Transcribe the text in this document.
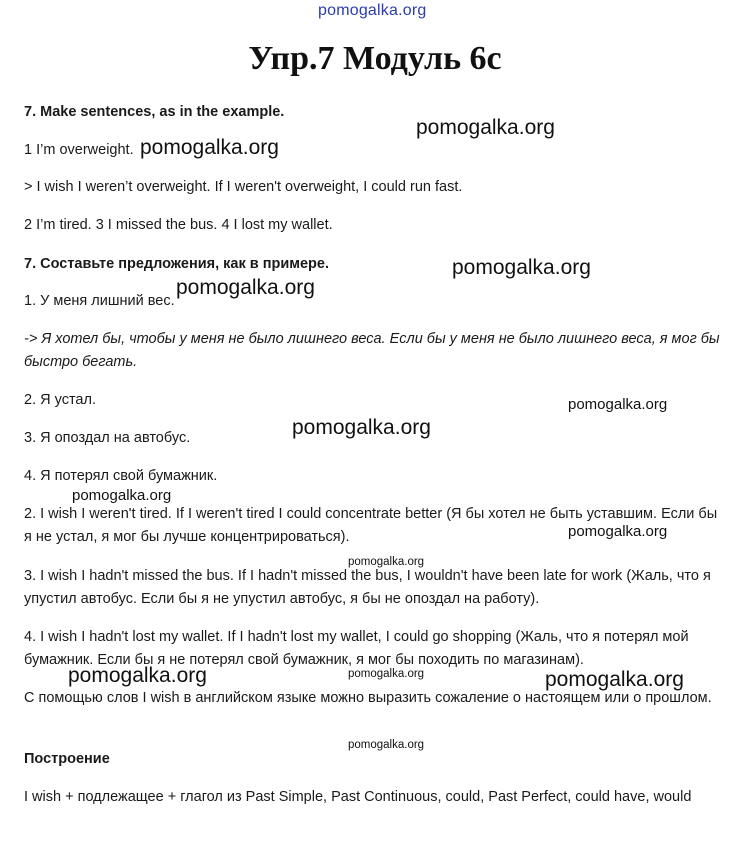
pomogalka.org
Упр.7 Модуль 6с
7. Make sentences, as in the example.
1 I’m overweight.
> I wish I weren’t overweight. If I weren't overweight, I could run fast.
2 I’m tired. 3 I missed the bus. 4 I lost my wallet.
7. Составьте предложения, как в примере.
1. У меня лишний вес.
-> Я хотел бы, чтобы у меня не было лишнего веса. Если бы у меня не было лишнего веса, я мог бы быстро бегать.
2. Я устал.
3. Я опоздал на автобус.
4. Я потерял свой бумажник.
2. I wish I weren't tired. If I weren't tired I could concentrate better (Я бы хотел не быть уставшим. Если бы я не устал, я мог бы лучше концентрироваться).
3. I wish I hadn't missed the bus. If I hadn't missed the bus, I wouldn't have been late for work (Жаль, что я упустил автобус. Если бы я не упустил автобус, я бы не опоздал на работу).
4. I wish I hadn't lost my wallet. If I hadn't lost my wallet, I could go shopping (Жаль, что я потерял мой бумажник. Если бы я не потерял свой бумажник, я мог бы походить по магазинам).
С помощью слов I wish в английском языке можно выразить сожаление о настоящем или о прошлом.
Построение
I wish + подлежащее + глагол из Past Simple, Past Continuous, could, Past Perfect, could have, would
pomogalka.org
pomogalka.org
pomogalka.org
pomogalka.org
pomogalka.org
pomogalka.org
pomogalka.org
pomogalka.org
pomogalka.org
pomogalka.org
pomogalka.org	pomogalka.org
pomogalka.org
